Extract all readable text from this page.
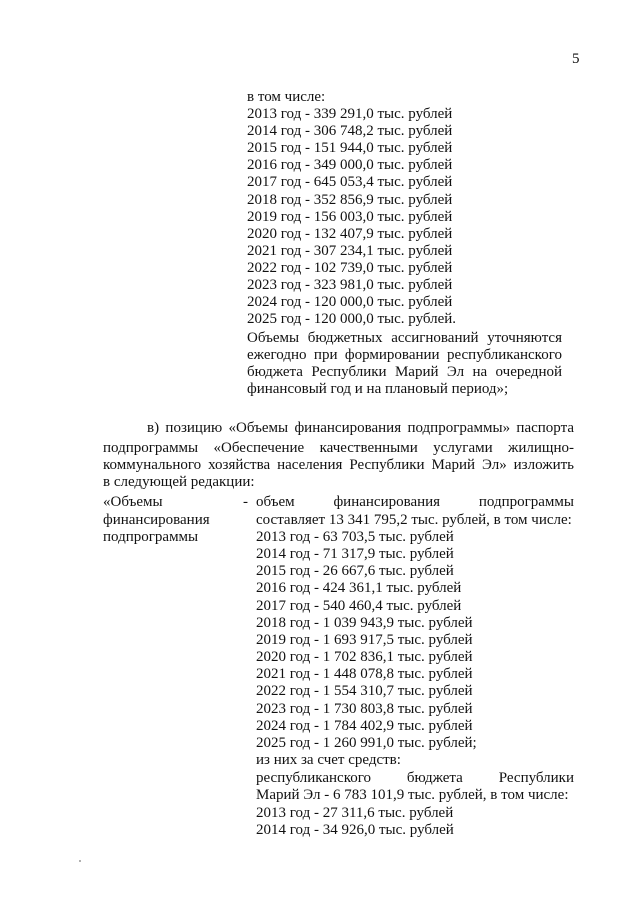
5
в том числе:
2013 год - 339 291,0 тыс. рублей
2014 год - 306 748,2 тыс. рублей
2015 год - 151 944,0 тыс. рублей
2016 год - 349 000,0 тыс. рублей
2017 год - 645 053,4 тыс. рублей
2018 год - 352 856,9 тыс. рублей
2019 год - 156 003,0 тыс. рублей
2020 год - 132 407,9 тыс. рублей
2021 год - 307 234,1 тыс. рублей
2022 год - 102 739,0 тыс. рублей
2023 год - 323 981,0 тыс. рублей
2024 год - 120 000,0 тыс. рублей
2025 год - 120 000,0 тыс. рублей.
Объемы бюджетных ассигнований уточняются
ежегодно при формировании республиканского
бюджета Республики Марий Эл на очередной
финансовый год и на плановый период»;
в) позицию «Объемы финансирования подпрограммы» паспорта
подпрограммы «Обеспечение качественными услугами жилищно-
коммунального хозяйства населения Республики Марий Эл» изложить
в следующей редакции:
«Объемы
финансирования
подпрограммы
- объем финансирования подпрограммы
составляет 13 341 795,2 тыс. рублей, в том числе:
2013 год - 63 703,5 тыс. рублей
2014 год - 71 317,9 тыс. рублей
2015 год - 26 667,6 тыс. рублей
2016 год - 424 361,1 тыс. рублей
2017 год - 540 460,4 тыс. рублей
2018 год - 1 039 943,9 тыс. рублей
2019 год - 1 693 917,5 тыс. рублей
2020 год - 1 702 836,1 тыс. рублей
2021 год - 1 448 078,8 тыс. рублей
2022 год - 1 554 310,7 тыс. рублей
2023 год - 1 730 803,8 тыс. рублей
2024 год - 1 784 402,9 тыс. рублей
2025 год - 1 260 991,0 тыс. рублей;
из них за счет средств:
республиканского бюджета Республики
Марий Эл - 6 783 101,9 тыс. рублей, в том числе:
2013 год - 27 311,6 тыс. рублей
2014 год - 34 926,0 тыс. рублей
